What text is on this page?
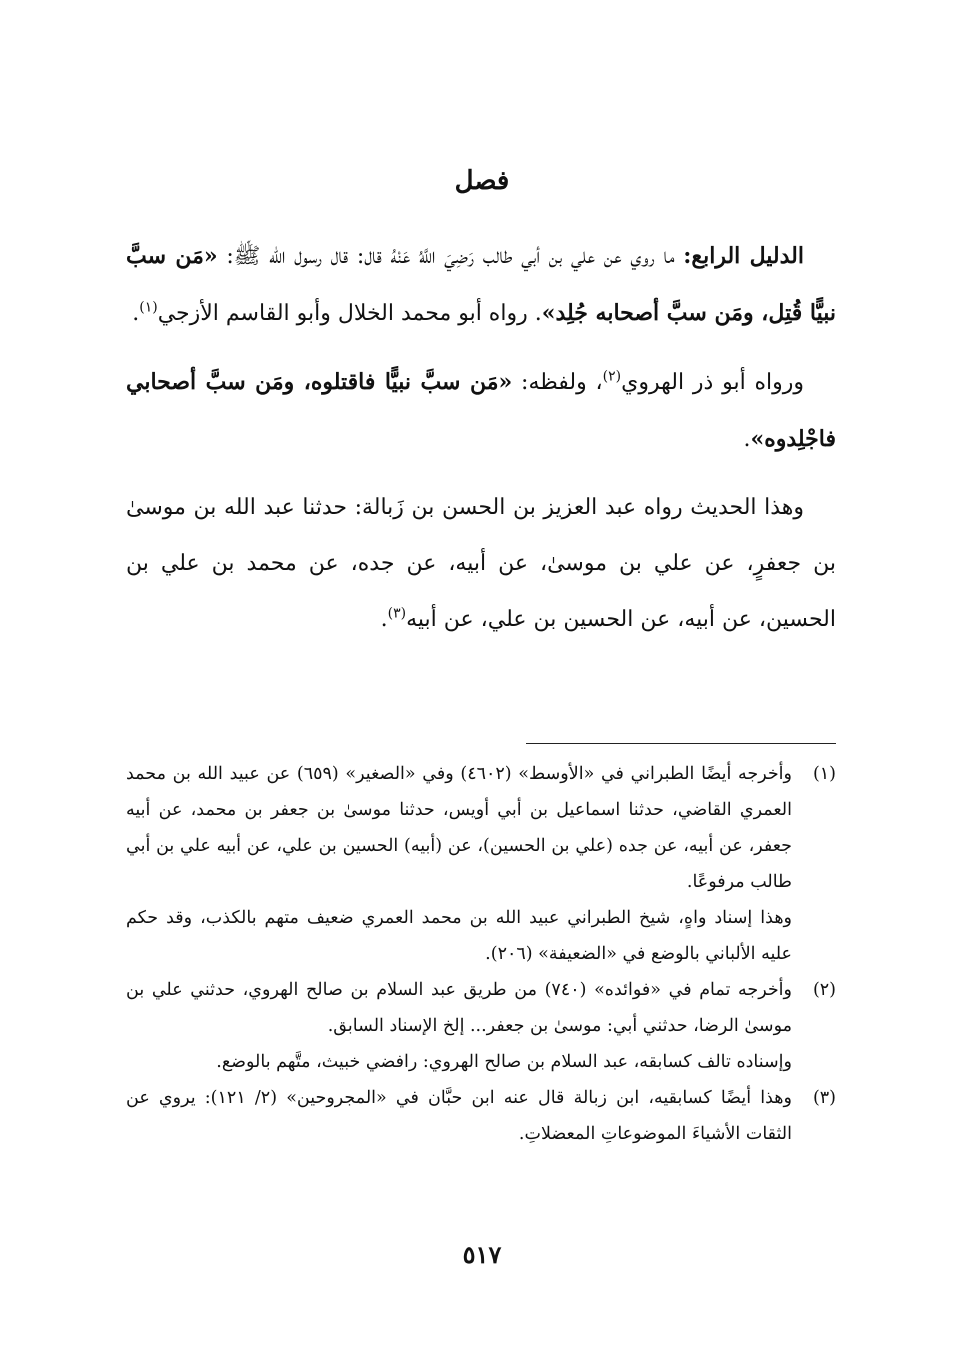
فصل

الدليل الرابع: ما روي عن علي بن أبي طالب رَضِيَ اللَّهُ عَنْهُ قال: قال رسول الله ﷺ: «مَن سبَّ نبيًّا قُتِل، ومَن سبَّ أصحابه جُلِد». رواه أبو محمد الخلال وأبو القاسم الأزجي$^{(١)}$.

ورواه أبو ذر الهروي$^{(٢)}$، ولفظه: «مَن سبَّ نبيًّا فاقتلوه، ومَن سبَّ أصحابي فاجْلِدوه».

وهذا الحديث رواه عبد العزيز بن الحسن بن زَبالة: حدثنا عبد الله بن موسىٰ بن جعفرٍ، عن علي بن موسىٰ، عن أبيه، عن جده، عن محمد بن علي بن الحسين، عن أبيه، عن الحسين بن علي، عن أبيه$^{(٣)}$.

(١)
وأخرجه أيضًا الطبراني في «الأوسط» (٤٦٠٢) وفي «الصغير» (٦٥٩) عن عبيد الله بن محمد العمري القاضي، حدثنا اسماعيل بن أبي أويس، حدثنا موسىٰ بن جعفر بن محمد، عن أبيه جعفر، عن أبيه، عن جده (علي بن الحسين)، عن (أبيه) الحسين بن علي، عن أبيه علي بن أبي طالب مرفوعًا.
وهذا إسناد واهٍ، شيخ الطبراني عبيد الله بن محمد العمري ضعيف متهم بالكذب، وقد حكم عليه الألباني بالوضع في «الضعيفة» (٢٠٦).
(٢)
وأخرجه تمام في «فوائده» (٧٤٠) من طريق عبد السلام بن صالح الهروي، حدثني علي بن موسىٰ الرضا، حدثني أبي: موسىٰ بن جعفر... إلخ الإسناد السابق.
وإسناده تالف كسابقه، عبد السلام بن صالح الهروي: رافضي خبيث، متَّهم بالوضع.
(٣)
وهذا أيضًا كسابقيه، ابن زبالة قال عنه ابن حبَّان في «المجروحين» (٢/ ١٢١): يروي عن الثقات الأشياءَ الموضوعاتِ المعضلاتِ.
٥١٧
